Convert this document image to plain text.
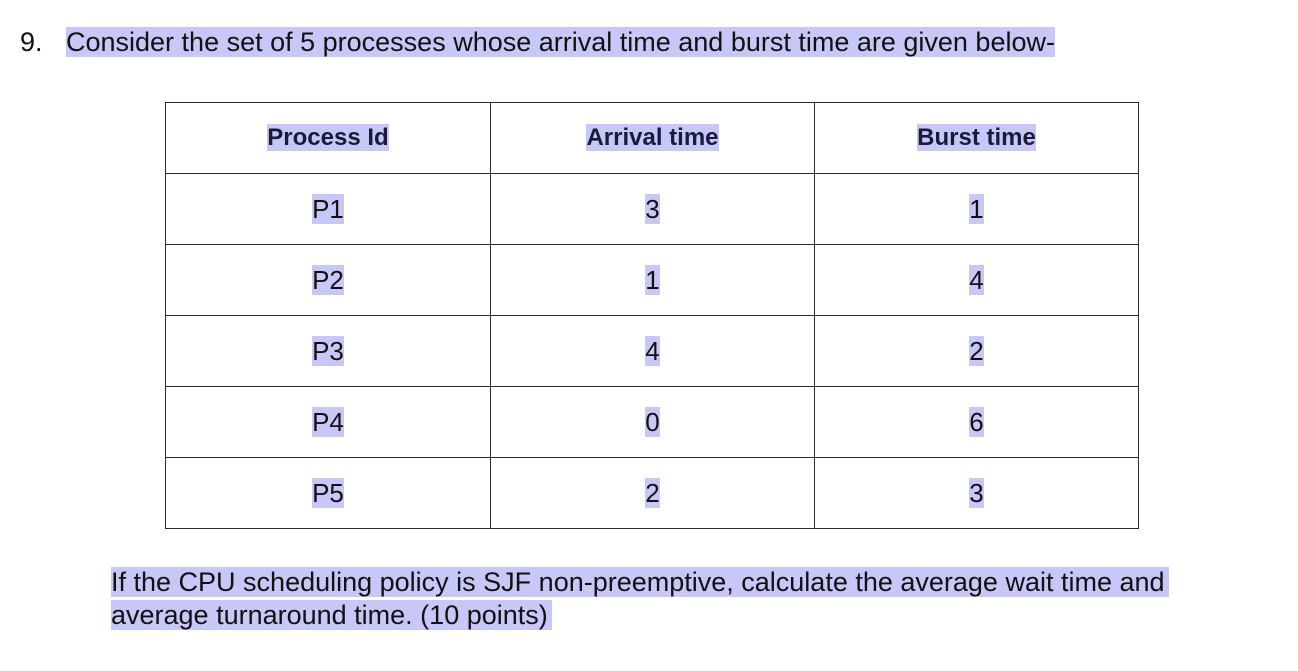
9. Consider the set of 5 processes whose arrival time and burst time are given below-
Process Id	Arrival time	Burst time
P1	3	1
P2	1	4
P3	4	2
P4	0	6
P5	2	3
If the CPU scheduling policy is SJF non-preemptive, calculate the average wait time and
average turnaround time. (10 points)
